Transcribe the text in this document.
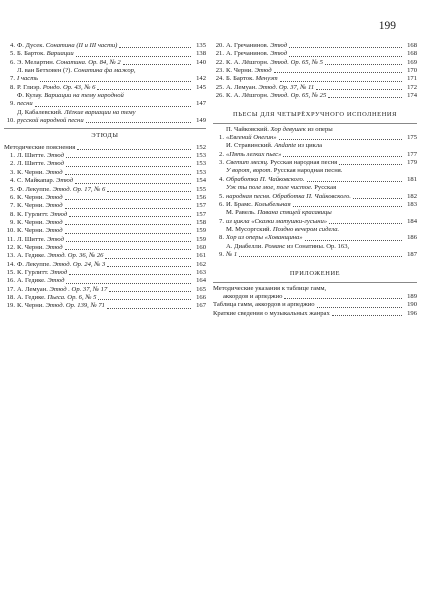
199
4. Ф. Дусек. Сонатина (II и III части)	135
5. Б. Барток. Вариации	138
6. Э. Мелартин. Сонатина. Ор. 84, № 2	140
7.
Л. ван Бетховен (?). Сонатина фа мажор,
I часть	142
8. Р. Глиэр. Рондо. Ор. 43, № 6	145
9.
Ф. Кулау. Вариации на тему народной
песни	147
10.
Д. Кабалевский. Лёгкие вариации на тему
русской народной песни	149
ЭТЮДЫ
Методические пояснения	152
1. Л. Шитте. Этюд	153
2. Л. Шитте. Этюд	153
3. К. Черни. Этюд	153
4. С. Майкапар. Этюд	154
5. Ф. Лекуппе. Этюд. Ор. 17, № 6	155
6. К. Черни. Этюд	156
7. К. Черни. Этюд	157
8. К. Гурлитт. Этюд	157
9. К. Черни. Этюд	158
10. К. Черни. Этюд	159
11. Л. Шитте. Этюд	159
12. К. Черни. Этюд	160
13. А. Гедике. Этюд. Ор. 36, № 26	161
14. Ф. Лекуппе. Этюд. Ор. 24, № 3	162
15. К. Гурлитт. Этюд	163
16. А. Гедике. Этюд	164
17. А. Лемуан. Этюд . Ор. 37, № 17	165
18. А. Гедике. Пьеса. Ор. 6, № 5	166
19. К. Черни. Этюд. Ор. 139, № 71	167
20. А. Гречанинов. Этюд	168
21. А. Гречанинов. Этюд	168
22. К. А. Лёшгорн. Этюд. Ор. 65, № 5	169
23. К. Черни. Этюд	170
24. Б. Барток. Менуэт	171
25. А. Лемуан. Этюд. Ор. 37, № 11	172
26. К. А. Лёшгорн. Этюд. Ор. 65, № 25	174
ПЬЕСЫ ДЛЯ ЧЕТЫРЁХРУЧНОГО ИСПОЛНЕНИЯ
1.
П. Чайковский. Хор девушек из оперы
«Евгений Онегин»	175
2.
И. Стравинский. Andante из цикла
«Пять легких пьес»	177
3. Светит месяц. Русская народная песня	179
4.
У ворот, ворот. Русская народная песня.
Обработка П. Чайковского.	181
5.
Уж ты поле мое, поле чистое. Русская
народная песня. Обработка П. Чайковского.	182
6. И. Брамс. Колыбельная	183
7.
М. Равель. Павана спящей красавицы
из цикла «Сказки матушки-гусыни»	184
8.
М. Мусоргский. Поздно вечером сидела.
Хор из оперы «Хованщина»	186
9.
А. Диабелли. Романс из Сонатины. Ор. 163,
№ 1	187
ПРИЛОЖЕНИЕ
Методические указания к таблице гамм,
аккордов и арпеджио	189
Таблица гамм, аккордов и арпеджио	190
Краткие сведения о музыкальных жанрах	196
